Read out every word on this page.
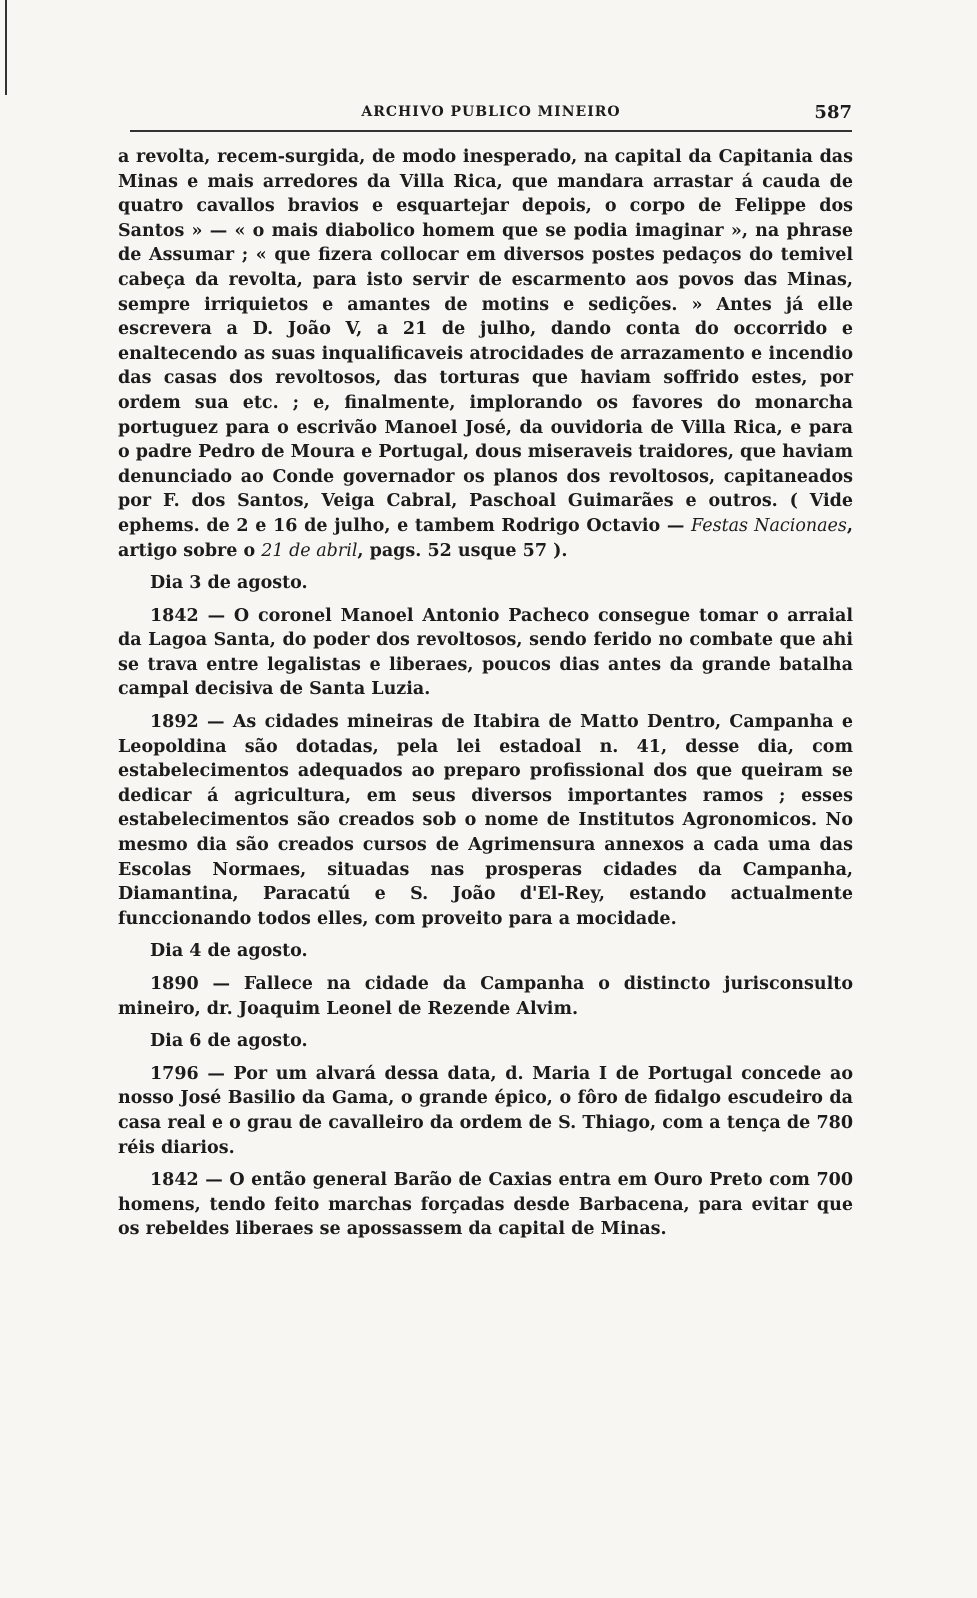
ARCHIVO PUBLICO MINEIRO	587

a revolta, recem-surgida, de modo inesperado, na capital da Capitania das Minas e mais arredores da Villa Rica, que mandara arrastar á cauda de quatro cavallos bravios e esquartejar depois, o corpo de Felippe dos Santos » — « o mais diabolico homem que se podia imaginar », na phrase de Assumar ; « que fizera collocar em diversos postes pedaços do temivel cabeça da revolta, para isto servir de escarmento aos povos das Minas, sempre irriquietos e amantes de motins e sedições. » Antes já elle escrevera a D. João V, a 21 de julho, dando conta do occorrido e enaltecendo as suas inqualificaveis atrocidades de arrazamento e incendio das casas dos revoltosos, das torturas que haviam soffrido estes, por ordem sua etc. ; e, finalmente, implorando os favores do monarcha portuguez para o escrivão Manoel José, da ouvidoria de Villa Rica, e para o padre Pedro de Moura e Portugal, dous miseraveis traidores, que haviam denunciado ao Conde governador os planos dos revoltosos, capitaneados por F. dos Santos, Veiga Cabral, Paschoal Guimarães e outros. ( Vide ephems. de 2 e 16 de julho, e tambem Rodrigo Octavio — Festas Nacionaes, artigo sobre o 21 de abril, pags. 52 usque 57 ).

Dia 3 de agosto.

1842 — O coronel Manoel Antonio Pacheco consegue tomar o arraial da Lagoa Santa, do poder dos revoltosos, sendo ferido no combate que ahi se trava entre legalistas e liberaes, poucos dias antes da grande batalha campal decisiva de Santa Luzia.

1892 — As cidades mineiras de Itabira de Matto Dentro, Campanha e Leopoldina são dotadas, pela lei estadoal n. 41, desse dia, com estabelecimentos adequados ao preparo profissional dos que queiram se dedicar á agricultura, em seus diversos importantes ramos ; esses estabelecimentos são creados sob o nome de Institutos Agronomicos. No mesmo dia são creados cursos de Agrimensura annexos a cada uma das Escolas Normaes, situadas nas prosperas cidades da Campanha, Diamantina, Paracatú e S. João d'El-Rey, estando actualmente funccionando todos elles, com proveito para a mocidade.

Dia 4 de agosto.

1890 — Fallece na cidade da Campanha o distincto jurisconsulto mineiro, dr. Joaquim Leonel de Rezende Alvim.

Dia 6 de agosto.

1796 — Por um alvará dessa data, d. Maria I de Portugal concede ao nosso José Basilio da Gama, o grande épico, o fôro de fidalgo escudeiro da casa real e o grau de cavalleiro da ordem de S. Thiago, com a tença de 780 réis diarios.

1842 — O então general Barão de Caxias entra em Ouro Preto com 700 homens, tendo feito marchas forçadas desde Barbacena, para evitar que os rebeldes liberaes se apossassem da capital de Minas.
